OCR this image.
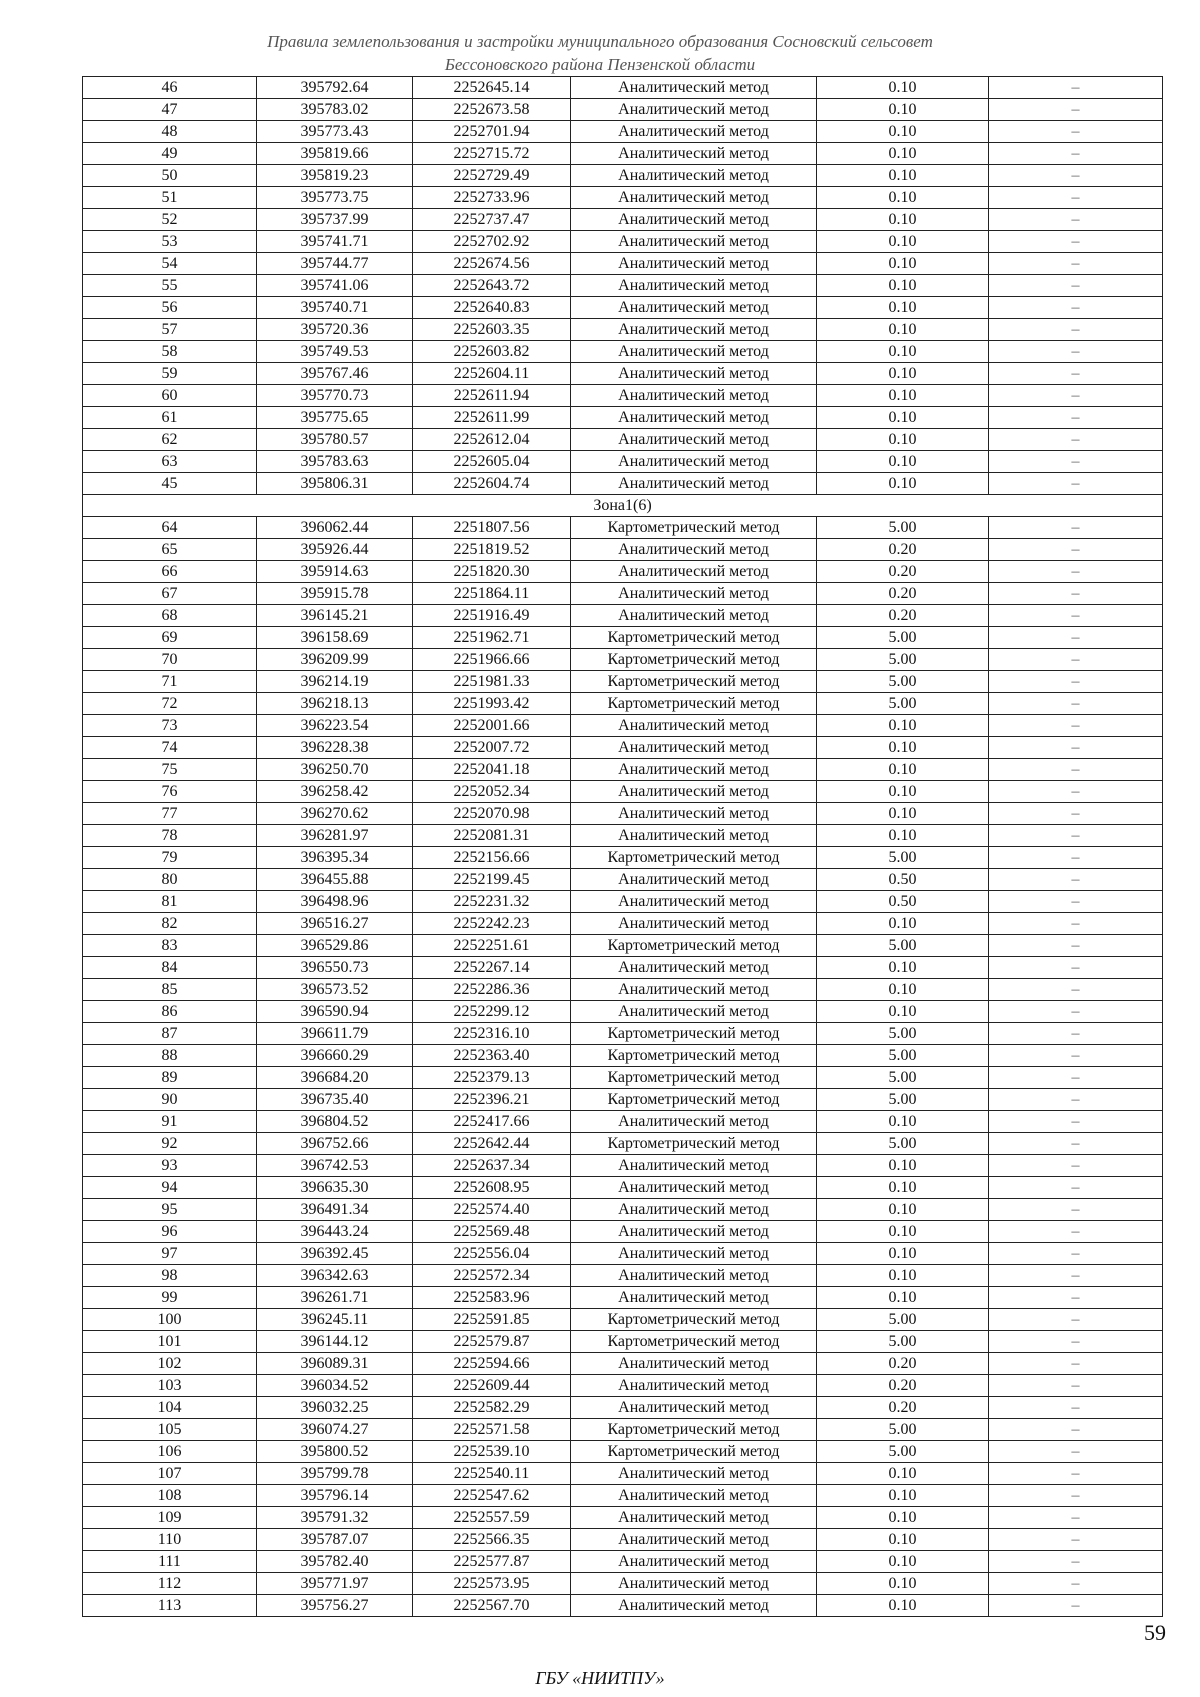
Правила землепользования и застройки муниципального образования Сосновский сельсовет
Бессоновского района Пензенской области
46	395792.64	2252645.14	Аналитический метод	0.10	–
47	395783.02	2252673.58	Аналитический метод	0.10	–
48	395773.43	2252701.94	Аналитический метод	0.10	–
49	395819.66	2252715.72	Аналитический метод	0.10	–
50	395819.23	2252729.49	Аналитический метод	0.10	–
51	395773.75	2252733.96	Аналитический метод	0.10	–
52	395737.99	2252737.47	Аналитический метод	0.10	–
53	395741.71	2252702.92	Аналитический метод	0.10	–
54	395744.77	2252674.56	Аналитический метод	0.10	–
55	395741.06	2252643.72	Аналитический метод	0.10	–
56	395740.71	2252640.83	Аналитический метод	0.10	–
57	395720.36	2252603.35	Аналитический метод	0.10	–
58	395749.53	2252603.82	Аналитический метод	0.10	–
59	395767.46	2252604.11	Аналитический метод	0.10	–
60	395770.73	2252611.94	Аналитический метод	0.10	–
61	395775.65	2252611.99	Аналитический метод	0.10	–
62	395780.57	2252612.04	Аналитический метод	0.10	–
63	395783.63	2252605.04	Аналитический метод	0.10	–
45	395806.31	2252604.74	Аналитический метод	0.10	–
Зона1(6)					
64	396062.44	2251807.56	Картометрический метод	5.00	–
65	395926.44	2251819.52	Аналитический метод	0.20	–
66	395914.63	2251820.30	Аналитический метод	0.20	–
67	395915.78	2251864.11	Аналитический метод	0.20	–
68	396145.21	2251916.49	Аналитический метод	0.20	–
69	396158.69	2251962.71	Картометрический метод	5.00	–
70	396209.99	2251966.66	Картометрический метод	5.00	–
71	396214.19	2251981.33	Картометрический метод	5.00	–
72	396218.13	2251993.42	Картометрический метод	5.00	–
73	396223.54	2252001.66	Аналитический метод	0.10	–
74	396228.38	2252007.72	Аналитический метод	0.10	–
75	396250.70	2252041.18	Аналитический метод	0.10	–
76	396258.42	2252052.34	Аналитический метод	0.10	–
77	396270.62	2252070.98	Аналитический метод	0.10	–
78	396281.97	2252081.31	Аналитический метод	0.10	–
79	396395.34	2252156.66	Картометрический метод	5.00	–
80	396455.88	2252199.45	Аналитический метод	0.50	–
81	396498.96	2252231.32	Аналитический метод	0.50	–
82	396516.27	2252242.23	Аналитический метод	0.10	–
83	396529.86	2252251.61	Картометрический метод	5.00	–
84	396550.73	2252267.14	Аналитический метод	0.10	–
85	396573.52	2252286.36	Аналитический метод	0.10	–
86	396590.94	2252299.12	Аналитический метод	0.10	–
87	396611.79	2252316.10	Картометрический метод	5.00	–
88	396660.29	2252363.40	Картометрический метод	5.00	–
89	396684.20	2252379.13	Картометрический метод	5.00	–
90	396735.40	2252396.21	Картометрический метод	5.00	–
91	396804.52	2252417.66	Аналитический метод	0.10	–
92	396752.66	2252642.44	Картометрический метод	5.00	–
93	396742.53	2252637.34	Аналитический метод	0.10	–
94	396635.30	2252608.95	Аналитический метод	0.10	–
95	396491.34	2252574.40	Аналитический метод	0.10	–
96	396443.24	2252569.48	Аналитический метод	0.10	–
97	396392.45	2252556.04	Аналитический метод	0.10	–
98	396342.63	2252572.34	Аналитический метод	0.10	–
99	396261.71	2252583.96	Аналитический метод	0.10	–
100	396245.11	2252591.85	Картометрический метод	5.00	–
101	396144.12	2252579.87	Картометрический метод	5.00	–
102	396089.31	2252594.66	Аналитический метод	0.20	–
103	396034.52	2252609.44	Аналитический метод	0.20	–
104	396032.25	2252582.29	Аналитический метод	0.20	–
105	396074.27	2252571.58	Картометрический метод	5.00	–
106	395800.52	2252539.10	Картометрический метод	5.00	–
107	395799.78	2252540.11	Аналитический метод	0.10	–
108	395796.14	2252547.62	Аналитический метод	0.10	–
109	395791.32	2252557.59	Аналитический метод	0.10	–
110	395787.07	2252566.35	Аналитический метод	0.10	–
111	395782.40	2252577.87	Аналитический метод	0.10	–
112	395771.97	2252573.95	Аналитический метод	0.10	–
113	395756.27	2252567.70	Аналитический метод	0.10	–
59
ГБУ «НИИТПУ»
